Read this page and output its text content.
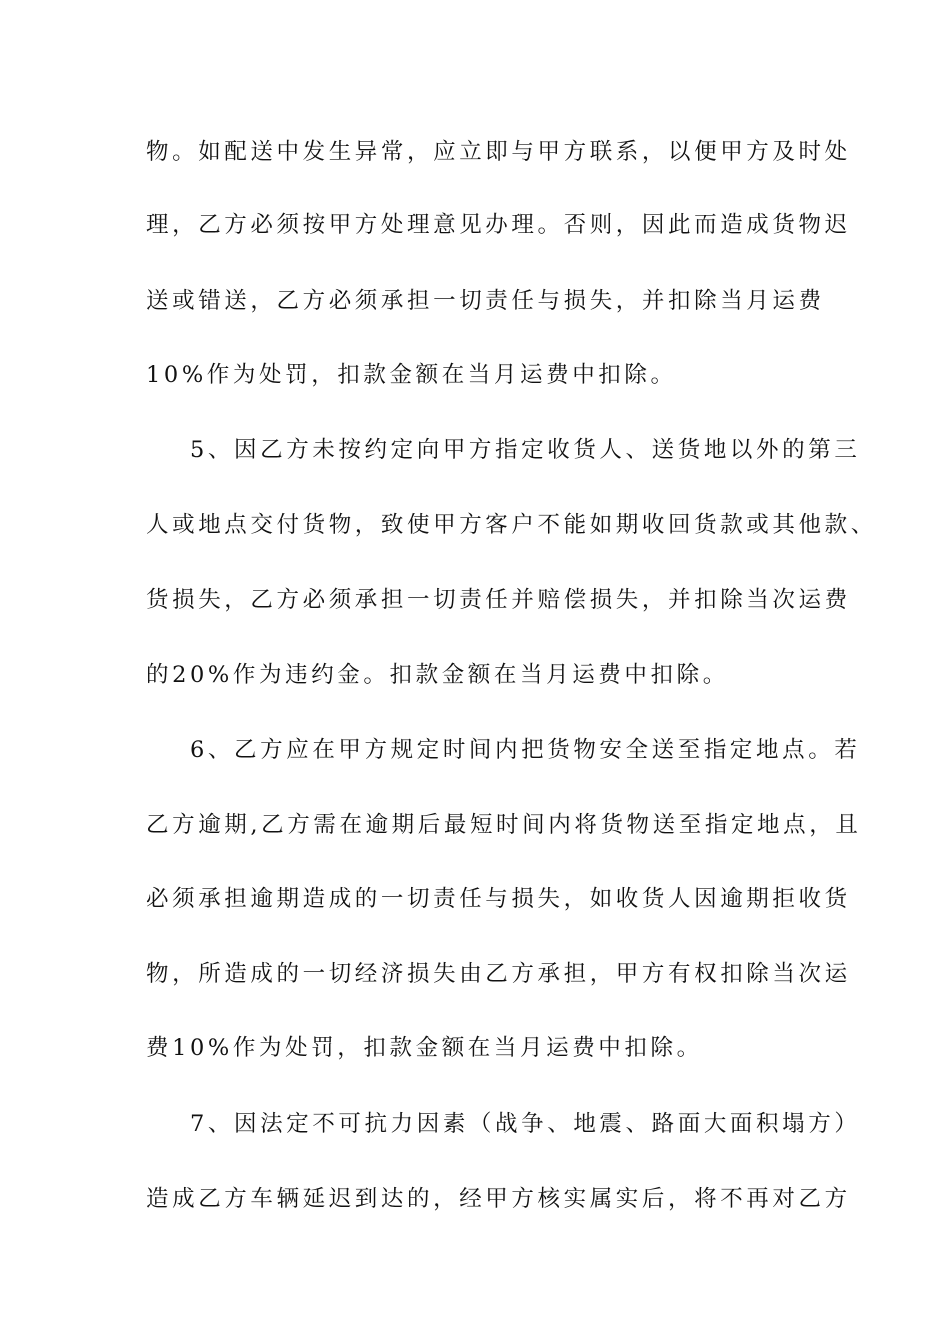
物。如配送中发生异常，应立即与甲方联系，以便甲方及时处
理，乙方必须按甲方处理意见办理。否则，因此而造成货物迟
送或错送，乙方必须承担一切责任与损失，并扣除当月运费
10%作为处罚，扣款金额在当月运费中扣除。
5、因乙方未按约定向甲方指定收货人、送货地以外的第三
人或地点交付货物，致使甲方客户不能如期收回货款或其他款、
货损失，乙方必须承担一切责任并赔偿损失，并扣除当次运费
的20%作为违约金。扣款金额在当月运费中扣除。
6、乙方应在甲方规定时间内把货物安全送至指定地点。若
乙方逾期,乙方需在逾期后最短时间内将货物送至指定地点，且
必须承担逾期造成的一切责任与损失，如收货人因逾期拒收货
物，所造成的一切经济损失由乙方承担，甲方有权扣除当次运
费10%作为处罚，扣款金额在当月运费中扣除。
7、因法定不可抗力因素（战争、地震、路面大面积塌方）
造成乙方车辆延迟到达的，经甲方核实属实后，将不再对乙方
